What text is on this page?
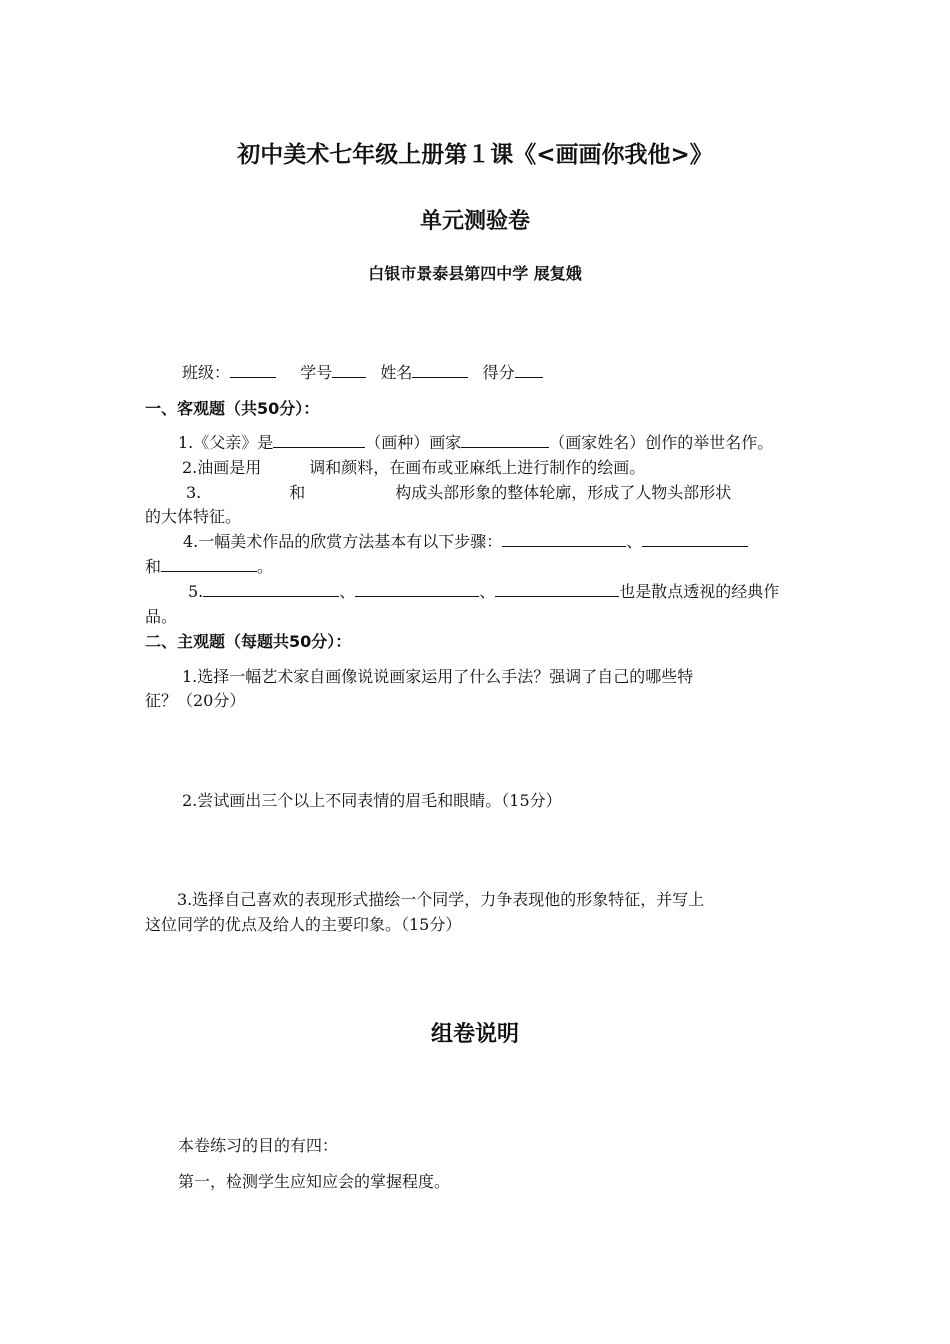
初中美术七年级上册第１课《<画画你我他>》
单元测验卷
白银市景泰县第四中学 展复娥
班级：	学号	姓名	得分
一、客观题（共50分）：
1.《父亲》是	（画种）画家	（画家姓名）创作的举世名作。
2.油画是用	调和颜料，在画布或亚麻纸上进行制作的绘画。
3.	和	构成头部形象的整体轮廓，形成了人物头部形状
的大体特征。
4.一幅美术作品的欣赏方法基本有以下步骤：	、
和	。
5.	、	、	也是散点透视的经典作
品。
二、主观题（每题共50分）：
1.选择一幅艺术家自画像说说画家运用了什么手法？强调了自己的哪些特
征？（20分）
2.尝试画出三个以上不同表情的眉毛和眼睛。（15分）
3.选择自己喜欢的表现形式描绘一个同学，力争表现他的形象特征，并写上
这位同学的优点及给人的主要印象。（15分）
组卷说明
本卷练习的目的有四：
第一，检测学生应知应会的掌握程度。
